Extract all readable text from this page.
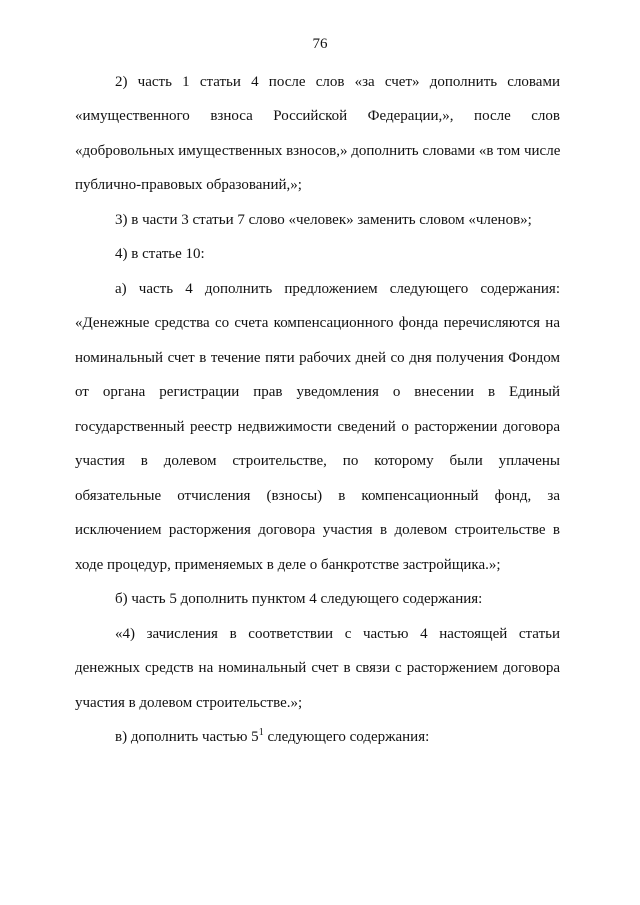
76
2) часть 1 статьи 4 после слов «за счет» дополнить словами
«имущественного взноса Российской Федерации,», после слов
«добровольных имущественных взносов,» дополнить словами «в том числе
публично-правовых образований,»;
3) в части 3 статьи 7 слово «человек» заменить словом «членов»;
4) в статье 10:
а) часть 4 дополнить предложением следующего содержания:
«Денежные средства со счета компенсационного фонда перечисляются на
номинальный счет в течение пяти рабочих дней со дня получения Фондом
от органа регистрации прав уведомления о внесении в Единый
государственный реестр недвижимости сведений о расторжении договора
участия в долевом строительстве, по которому были уплачены
обязательные отчисления (взносы) в компенсационный фонд, за
исключением расторжения договора участия в долевом строительстве в
ходе процедур, применяемых в деле о банкротстве застройщика.»;
б) часть 5 дополнить пунктом 4 следующего содержания:
«4) зачисления в соответствии с частью 4 настоящей статьи
денежных средств на номинальный счет в связи с расторжением договора
участия в долевом строительстве.»;
в) дополнить частью $5^1$ следующего содержания:
